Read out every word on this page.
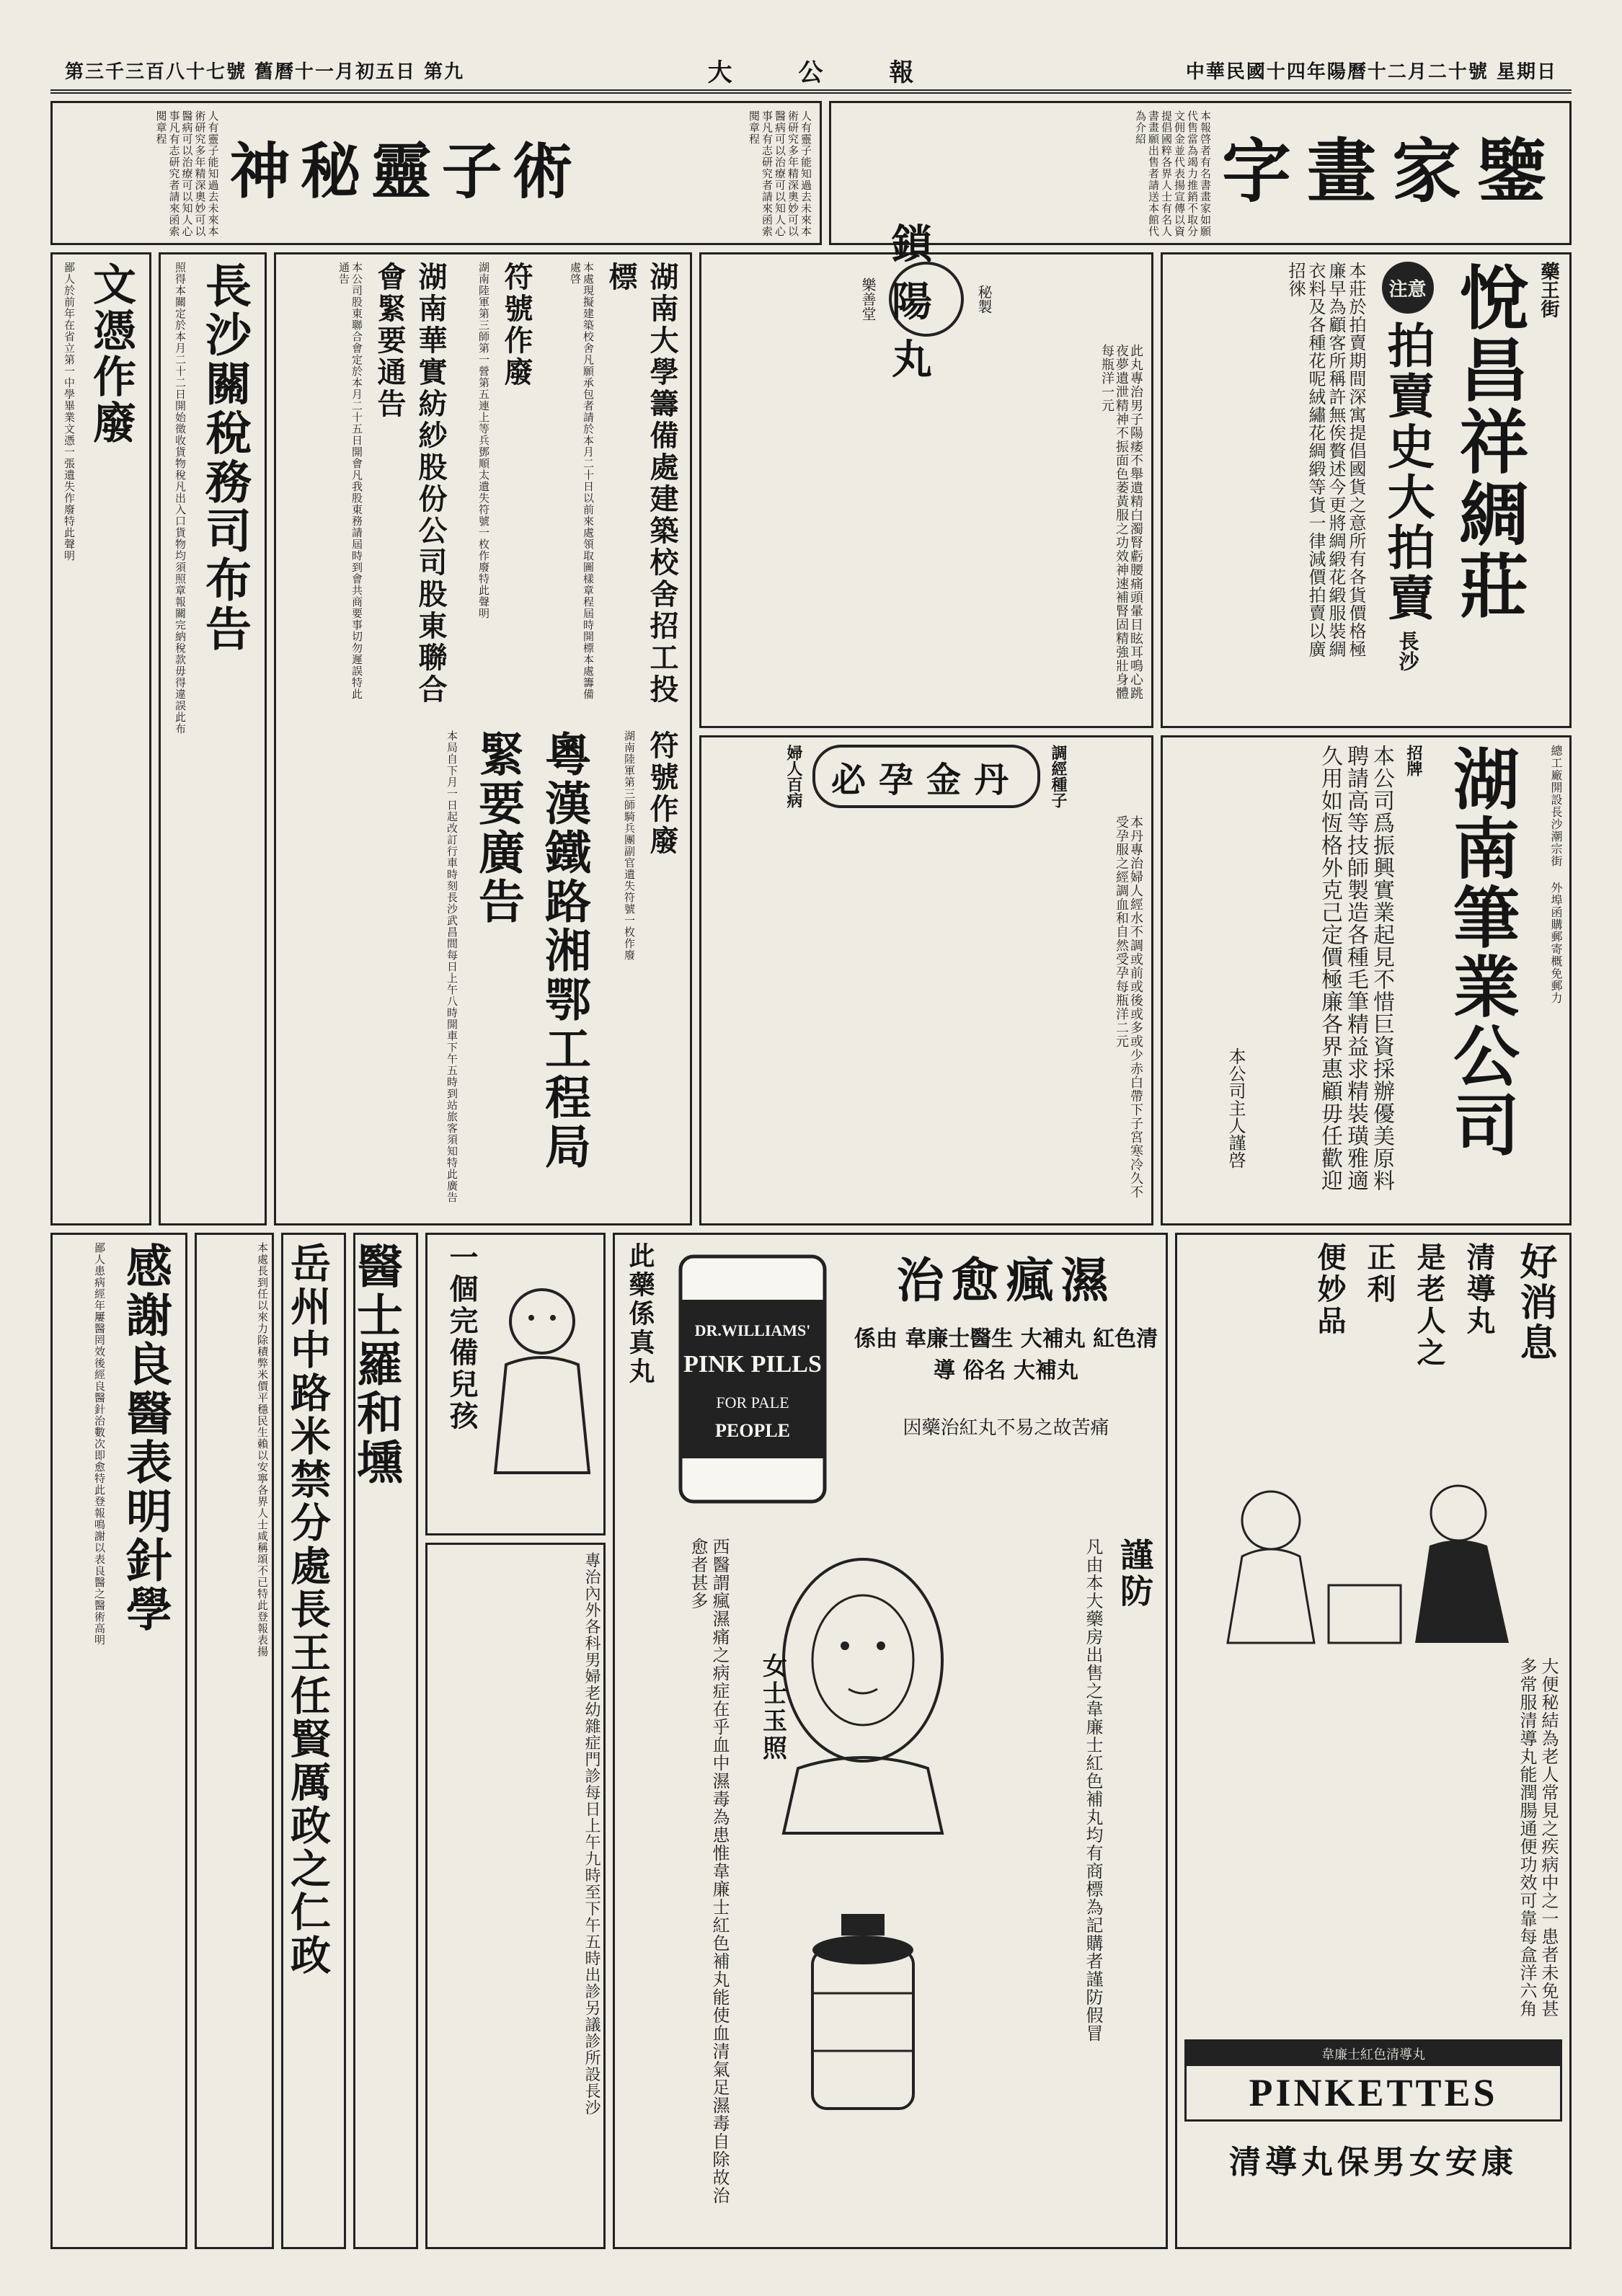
第三千三百八十七號 舊曆十一月初五日 第九	大 公 報	中華民國十四年陽曆十二月二十號 星期日
字畫家鑒
本報啓者有名書畫家如願代售當為竭力推銷不取分文佣金並代表揚宣傳以資提倡國粹各界人士有名人書畫願出售者請送本館代為介紹
人有靈子能知過去未來本術研究多年精深奧妙可以醫病可以治療可以知人心事凡有志研究者請來函索閱章程
神秘靈子術
人有靈子能知過去未來本術研究多年精深奧妙可以醫病可以治療可以知人心事凡有志研究者請來函索閱章程
藥王街
悅昌祥綢莊
注意
拍賣史大拍賣
長沙
本莊於拍賣期間深寓提倡國貨之意所有各貨價格極廉早為顧客所稱許無俟贅述今更將綢緞花緞服裝綢衣料及各種花呢絨繡花綢緞等貨一律減價拍賣以廣招徠
總工廠開設長沙潮宗街 外埠函購郵寄概免郵力
湖南筆業公司
招牌
本公司爲振興實業起見不惜巨資採辦優美原料聘請高等技師製造各種毛筆精益求精裝璜雅適久用如恆格外克己定價極廉各界惠顧毋任歡迎
本公司主人謹啓
樂善堂
鎖陽丸
秘製
此丸專治男子陽痿不舉遺精白濁腎虧腰痛頭暈目眩耳鳴心跳夜夢遺泄精神不振面色萎黃服之功效神速補腎固精強壯身體每瓶洋一元
婦人百病 必孕金丹	調經種子
本丹專治婦人經水不調或前或後或多或少赤白帶下子宮寒冷久不受孕服之經調血和自然受孕每瓶洋二元
湖南大學籌備處建築校舍招工投標
本處現擬建築校舍凡願承包者請於本月二十日以前來處領取圖樣章程屆時開標本處籌備處啓
符號作廢
湖南陸軍第三師第一營第五連上等兵鄧順太遺失符號一枚作廢特此聲明
湖南華實紡紗股份公司股東聯合會緊要通告
本公司股東聯合會定於本月二十五日開會凡我股東務請屆時到會共商要事切勿遲誤特此通告
符號作廢
湖南陸軍第三師騎兵團副官遺失符號一枚作廢
粵漢鐵路湘鄂工程局緊要廣告
本局自下月一日起改訂行車時刻長沙武昌間每日上午八時開車下午五時到站旅客須知特此廣告
長沙關稅務司布告
照得本關定於本月二十二日開始徵收貨物稅凡出入口貨物均須照章報關完納稅款毋得違誤此布
文憑作廢
鄙人於前年在省立第一中學畢業文憑一張遺失作廢特此聲明
好消息
清導丸
是老人之
正利
便妙品
大便秘結為老人常見之疾病中之一患者未免甚多常服清導丸能潤腸通便功效可靠每盒洋六角
韋廉士紅色清導丸
PINKETTES
清導丸保男女安康
此藥係真丸 DR.WILLIAMS'
PINK PILLS
FOR PALE
PEOPLE
治愈瘋濕
係由 韋廉士醫生 大補丸 紅色清導 俗名 大補丸
因藥治紅丸不易之故苦痛
西醫謂瘋濕痛之病症在乎血中濕毒為患惟韋廉士紅色補丸能使血清氣足濕毒自除故治愈者甚多
女士玉照	凡由本大藥房出售之韋廉士紅色補丸均有商標為記購者謹防假冒 謹防
一個完備兒孩
醫士羅和壎
專治內外各科男婦老幼雜症門診每日上午九時至下午五時出診另議診所設長沙
岳州中路米禁分處長王任賢厲政之仁政
本處長到任以來力除積弊米價平穩民生賴以安寧各界人士咸稱頌不已特此登報表揚
感謝良醫表明針學
鄙人患病經年屢醫罔效後經良醫針治數次即愈特此登報鳴謝以表良醫之醫術高明
